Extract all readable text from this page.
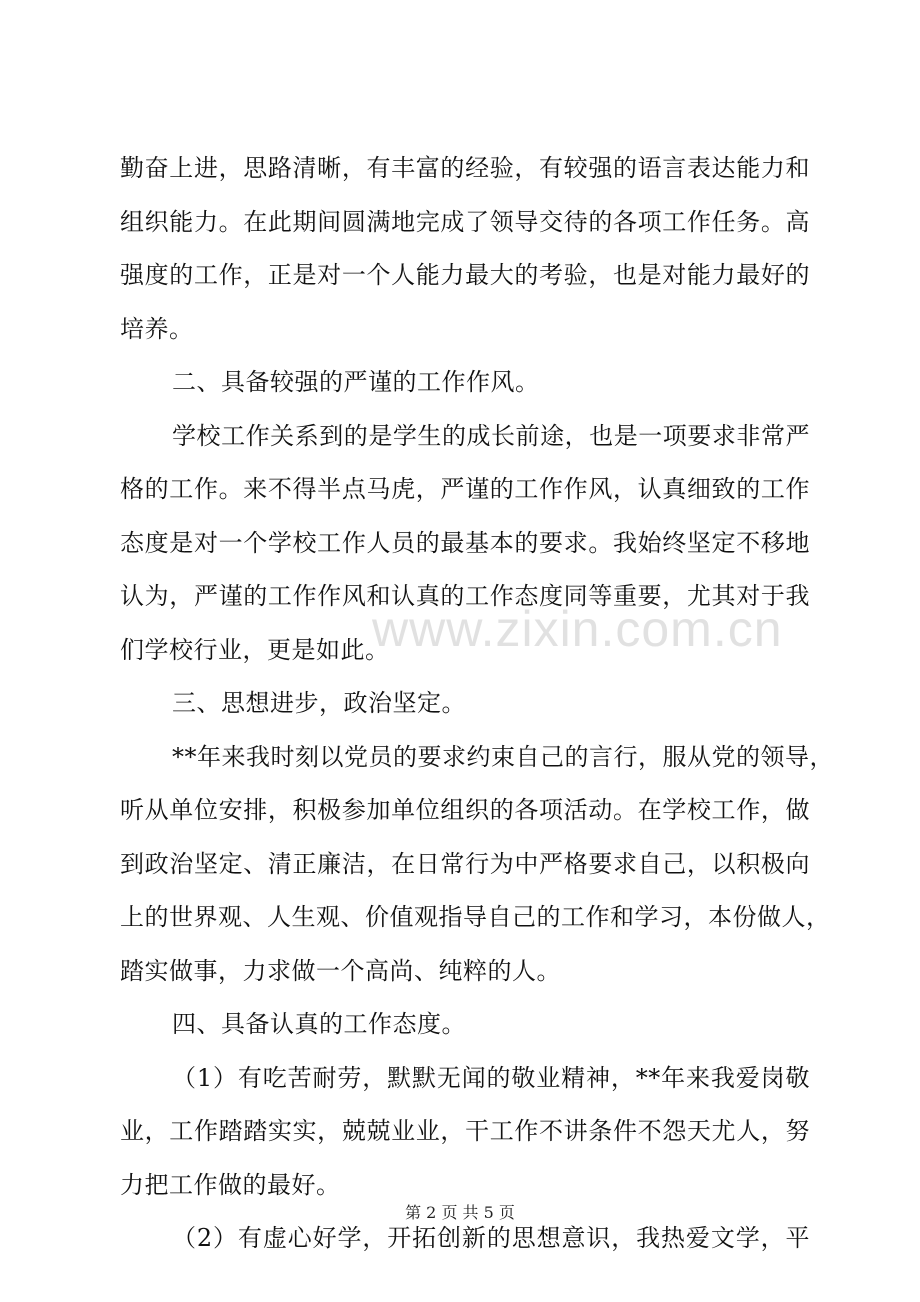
勤奋上进，思路清晰，有丰富的经验，有较强的语言表达能力和
组织能力。在此期间圆满地完成了领导交待的各项工作任务。高
强度的工作，正是对一个人能力最大的考验，也是对能力最好的
培养。
二、具备较强的严谨的工作作风。
学校工作关系到的是学生的成长前途，也是一项要求非常严
格的工作。来不得半点马虎，严谨的工作作风，认真细致的工作
态度是对一个学校工作人员的最基本的要求。我始终坚定不移地
认为，严谨的工作作风和认真的工作态度同等重要，尤其对于我
们学校行业，更是如此。
三、思想进步，政治坚定。
**年来我时刻以党员的要求约束自己的言行，服从党的领导，
听从单位安排，积极参加单位组织的各项活动。在学校工作，做
到政治坚定、清正廉洁，在日常行为中严格要求自己，以积极向
上的世界观、人生观、价值观指导自己的工作和学习，本份做人，
踏实做事，力求做一个高尚、纯粹的人。
四、具备认真的工作态度。
（1）有吃苦耐劳，默默无闻的敬业精神，**年来我爱岗敬
业，工作踏踏实实，兢兢业业，干工作不讲条件不怨天尤人，努
力把工作做的最好。
（2）有虚心好学，开拓创新的思想意识，我热爱文学，平
www.zixin.com.cn
第 2 页 共 5 页
